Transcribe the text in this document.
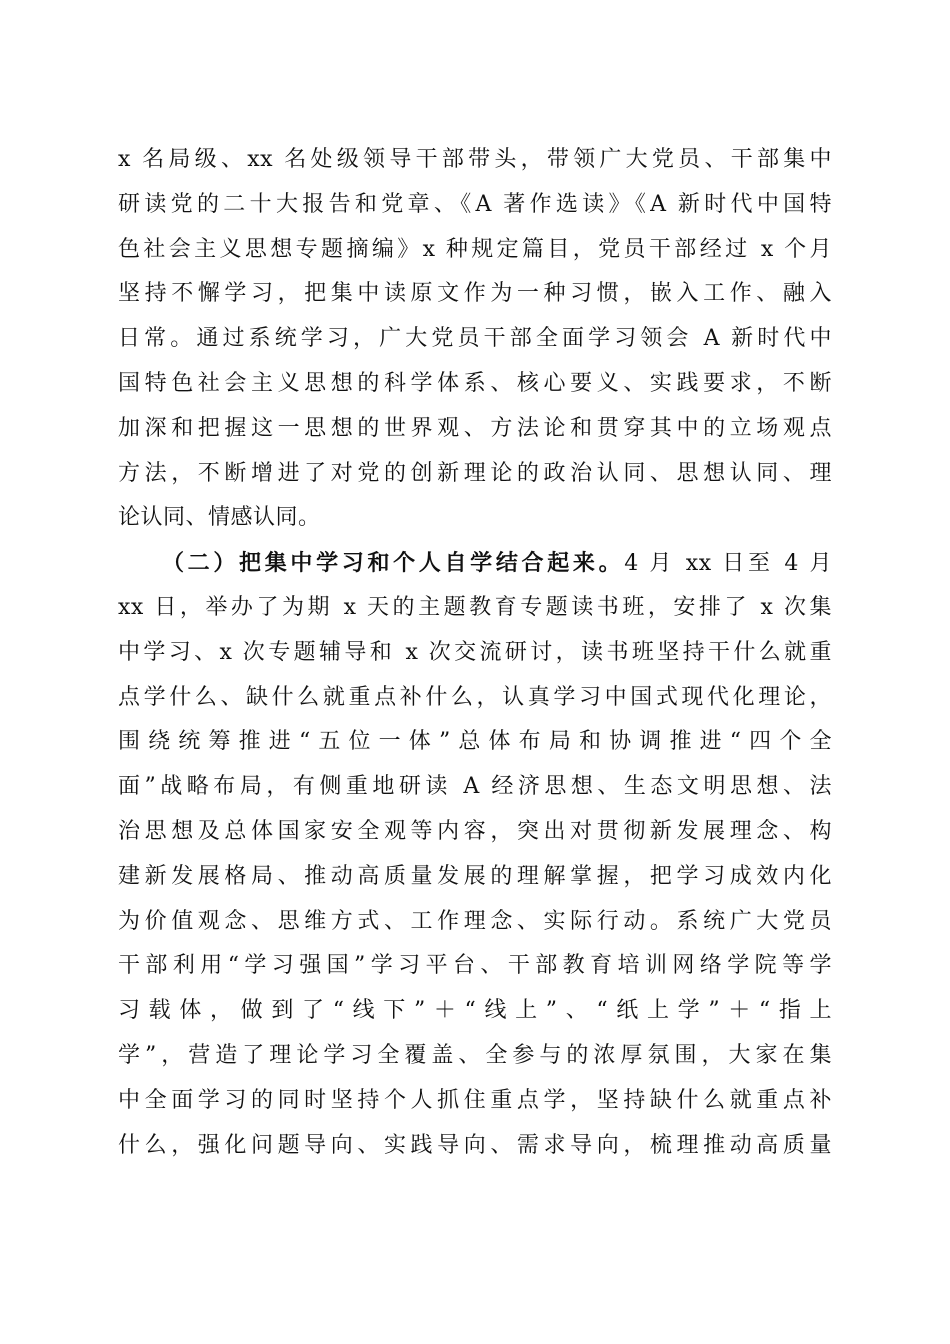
x 名局级、xx 名处级领导干部带头，带领广大党员、干部集中
研读党的二十大报告和党章、《A 著作选读》《A 新时代中国特
色社会主义思想专题摘编》x 种规定篇目，党员干部经过 x 个月
坚持不懈学习，把集中读原文作为一种习惯，嵌入工作、融入
日常。通过系统学习，广大党员干部全面学习领会 A 新时代中
国特色社会主义思想的科学体系、核心要义、实践要求，不断
加深和把握这一思想的世界观、方法论和贯穿其中的立场观点
方法，不断增进了对党的创新理论的政治认同、思想认同、理
论认同、情感认同。
（二）把集中学习和个人自学结合起来。4 月 xx 日至 4 月
xx 日，举办了为期 x 天的主题教育专题读书班，安排了 x 次集
中学习、x 次专题辅导和 x 次交流研讨，读书班坚持干什么就重
点学什么、缺什么就重点补什么，认真学习中国式现代化理论，
围绕统筹推进“五位一体”总体布局和协调推进“四个全
面”战略布局，有侧重地研读 A 经济思想、生态文明思想、法
治思想及总体国家安全观等内容，突出对贯彻新发展理念、构
建新发展格局、推动高质量发展的理解掌握，把学习成效内化
为价值观念、思维方式、工作理念、实际行动。系统广大党员
干部利用“学习强国”学习平台、干部教育培训网络学院等学
习载体，做到了“线下”＋“线上”、“纸上学”＋“指上
学”，营造了理论学习全覆盖、全参与的浓厚氛围，大家在集
中全面学习的同时坚持个人抓住重点学，坚持缺什么就重点补
什么，强化问题导向、实践导向、需求导向，梳理推动高质量
